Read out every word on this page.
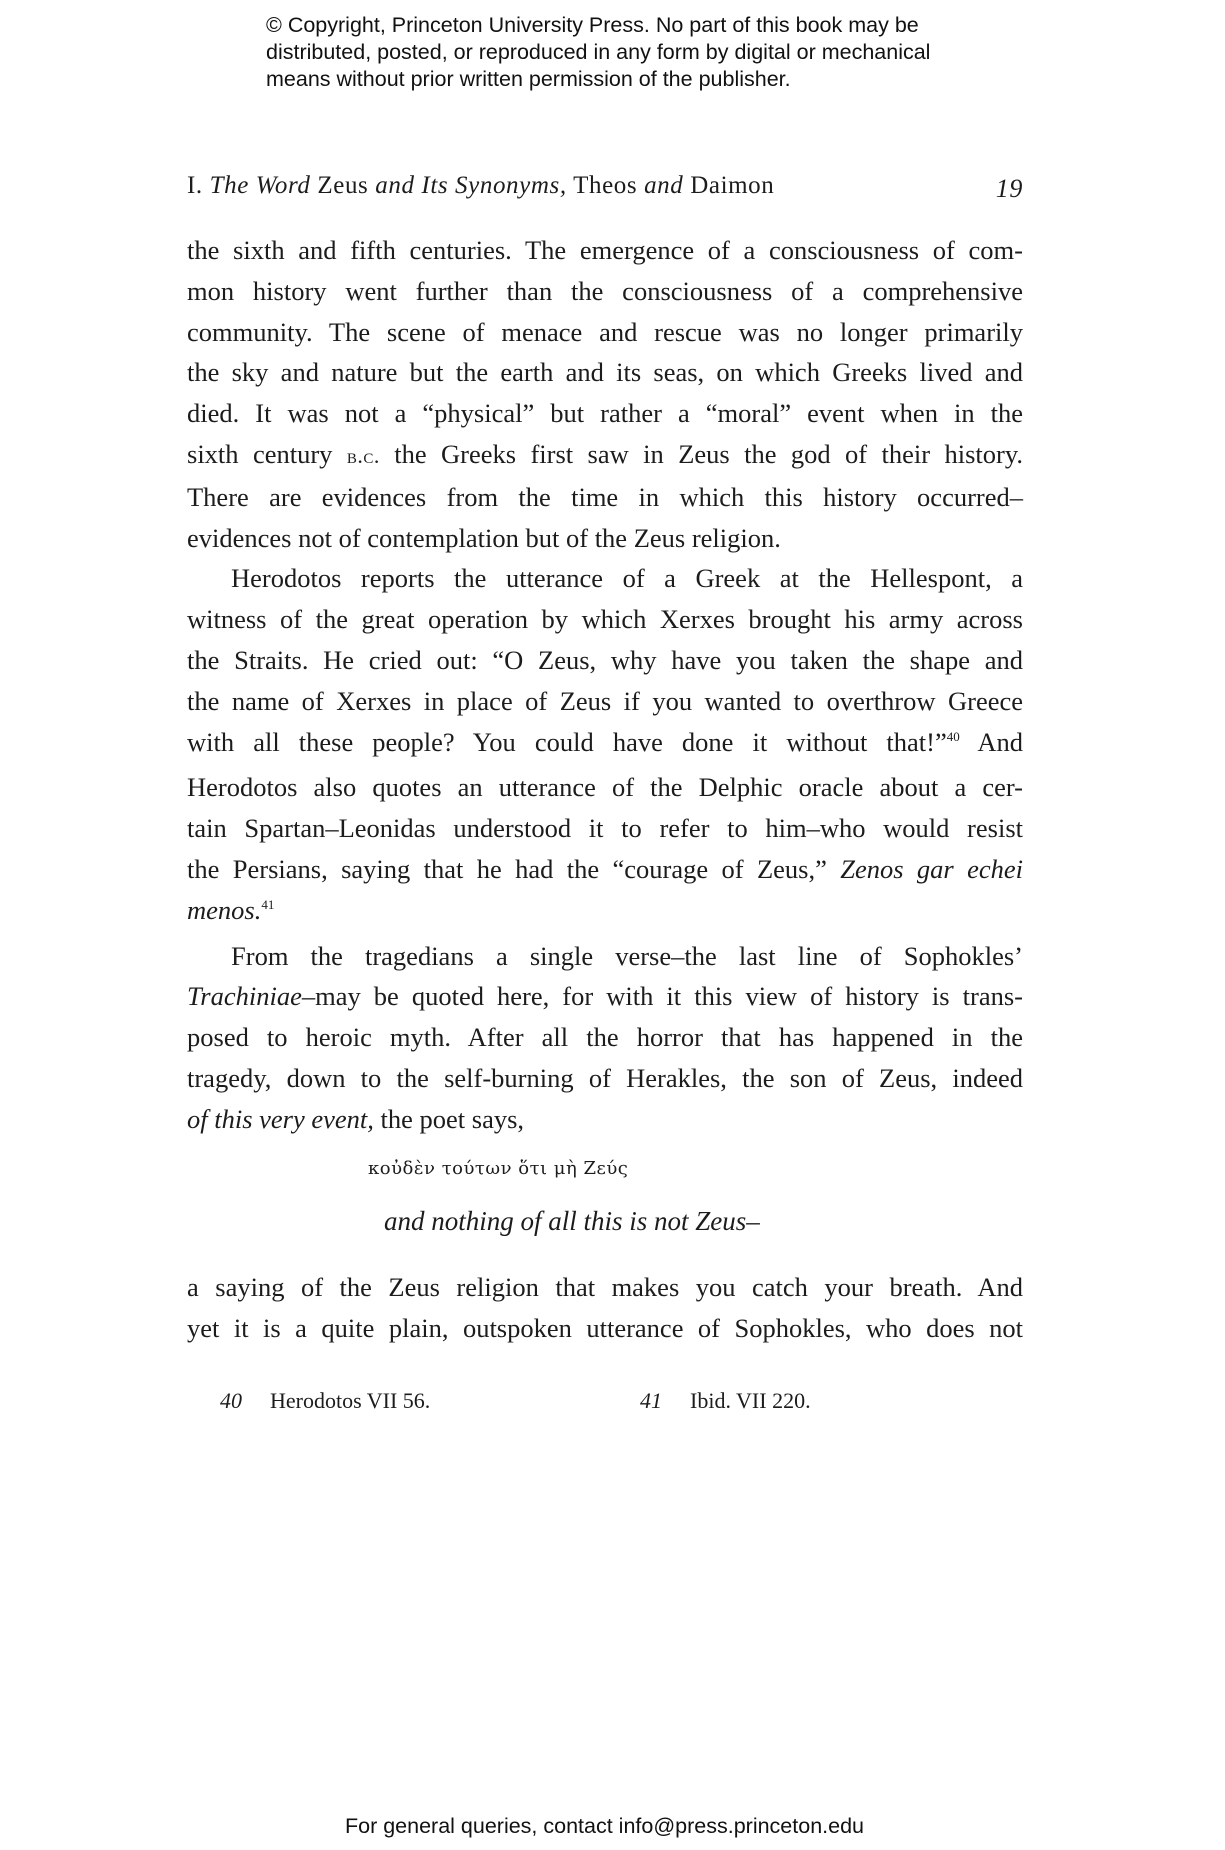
© Copyright, Princeton University Press. No part of this book may be
distributed, posted, or reproduced in any form by digital or mechanical
means without prior written permission of the publisher.
I. The Word Zeus and Its Synonyms, Theos and Daimon	19
the sixth and fifth centuries. The emergence of a consciousness of com-
mon history went further than the consciousness of a comprehensive
community. The scene of menace and rescue was no longer primarily
the sky and nature but the earth and its seas, on which Greeks lived and
died. It was not a “physical” but rather a “moral” event when in the
sixth century b.c. the Greeks first saw in Zeus the god of their history.
There are evidences from the time in which this history occurred–
evidences not of contemplation but of the Zeus religion.
Herodotos reports the utterance of a Greek at the Hellespont, a
witness of the great operation by which Xerxes brought his army across
the Straits. He cried out: “O Zeus, why have you taken the shape and
the name of Xerxes in place of Zeus if you wanted to overthrow Greece
with all these people? You could have done it without that!”$^{40}$ And
Herodotos also quotes an utterance of the Delphic oracle about a cer-
tain Spartan–Leonidas understood it to refer to him–who would resist
the Persians, saying that he had the “courage of Zeus,” Zenos gar echei
menos.$^{41}$
From the tragedians a single verse–the last line of Sophokles’
Trachiniae–may be quoted here, for with it this view of history is trans-
posed to heroic myth. After all the horror that has happened in the
tragedy, down to the self-burning of Herakles, the son of Zeus, indeed
of this very event, the poet says,
κοὐδὲν τούτων ὅτι μὴ Ζεύς
and nothing of all this is not Zeus–
a saying of the Zeus religion that makes you catch your breath. And
yet it is a quite plain, outspoken utterance of Sophokles, who does not
40 Herodotos VII 56.	41 Ibid. VII 220.
For general queries, contact info@press.princeton.edu
